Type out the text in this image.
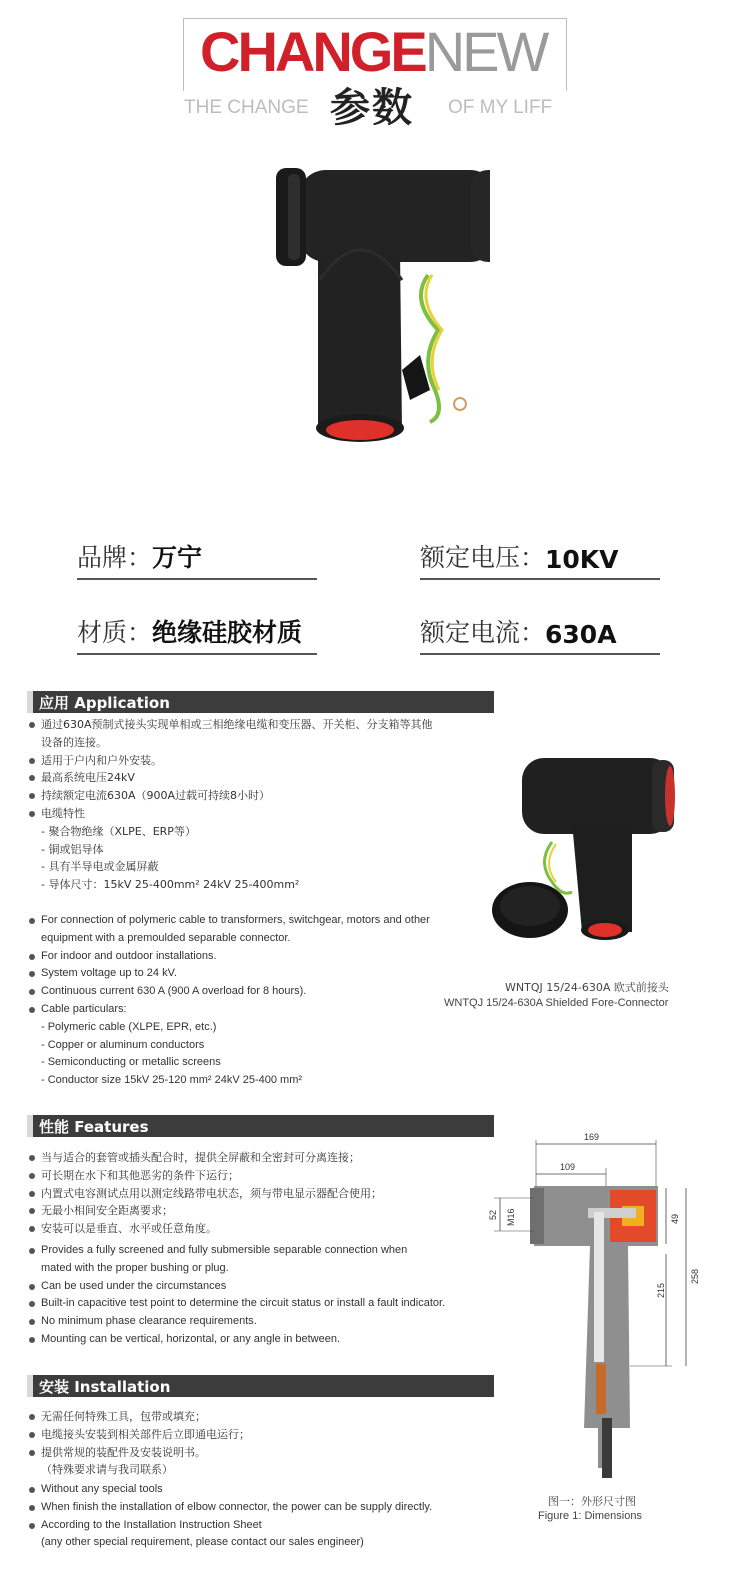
CHANGENEW
THE CHANGE	OF MY LIFF
参数
品牌： 万宁	额定电压： 10KV
材质： 绝缘硅胶材质	额定电流： 630A
应用 Application
通过630A预制式接头实现单相或三相绝缘电缆和变压器、开关柜、分支箱等其他
设备的连接。
适用于户内和户外安装。
最高系统电压24kV
持续额定电流630A（900A过载可持续8小时）
电缆特性
- 聚合物绝缘（XLPE、ERP等）
- 铜或铝导体
- 具有半导电或金属屏蔽
- 导体尺寸：15kV 25-400mm² 24kV 25-400mm²
For connection of polymeric cable to transformers, switchgear, motors and other
equipment with a premoulded separable connector.
For indoor and outdoor installations.
System voltage up to 24 kV.
Continuous current 630 A (900 A overload for 8 hours).
Cable particulars:
- Polymeric cable (XLPE, EPR, etc.)
- Copper or aluminum conductors
- Semiconducting or metallic screens
- Conductor size 15kV 25-120 mm² 24kV 25-400 mm²
WNTQJ 15/24-630A 欧式前接头
WNTQJ 15/24-630A Shielded Fore-Connector
性能 Features
当与适合的套管或插头配合时，提供全屏蔽和全密封可分离连接；
可长期在水下和其他恶劣的条件下运行；
内置式电容测试点用以测定线路带电状态，须与带电显示器配合使用；
无最小相间安全距离要求；
安装可以是垂直、水平或任意角度。
Provides a fully screened and fully submersible separable connection when
mated with the proper bushing or plug.
Can be used under the circumstances
Built-in capacitive test point to determine the circuit status or install a fault indicator.
No minimum phase clearance requirements.
Mounting can be vertical, horizontal, or any angle in between.
安装 Installation
无需任何特殊工具，包带或填充；
电缆接头安装到相关部件后立即通电运行；
提供常规的装配件及安装说明书。
（特殊要求请与我司联系）
Without any special tools
When finish the installation of elbow connector, the power can be supply directly.
According to the Installation Instruction Sheet
(any other special requirement, please contact our sales engineer)
169
109
52 M16	49
215
258
图一：外形尺寸图
Figure 1: Dimensions
